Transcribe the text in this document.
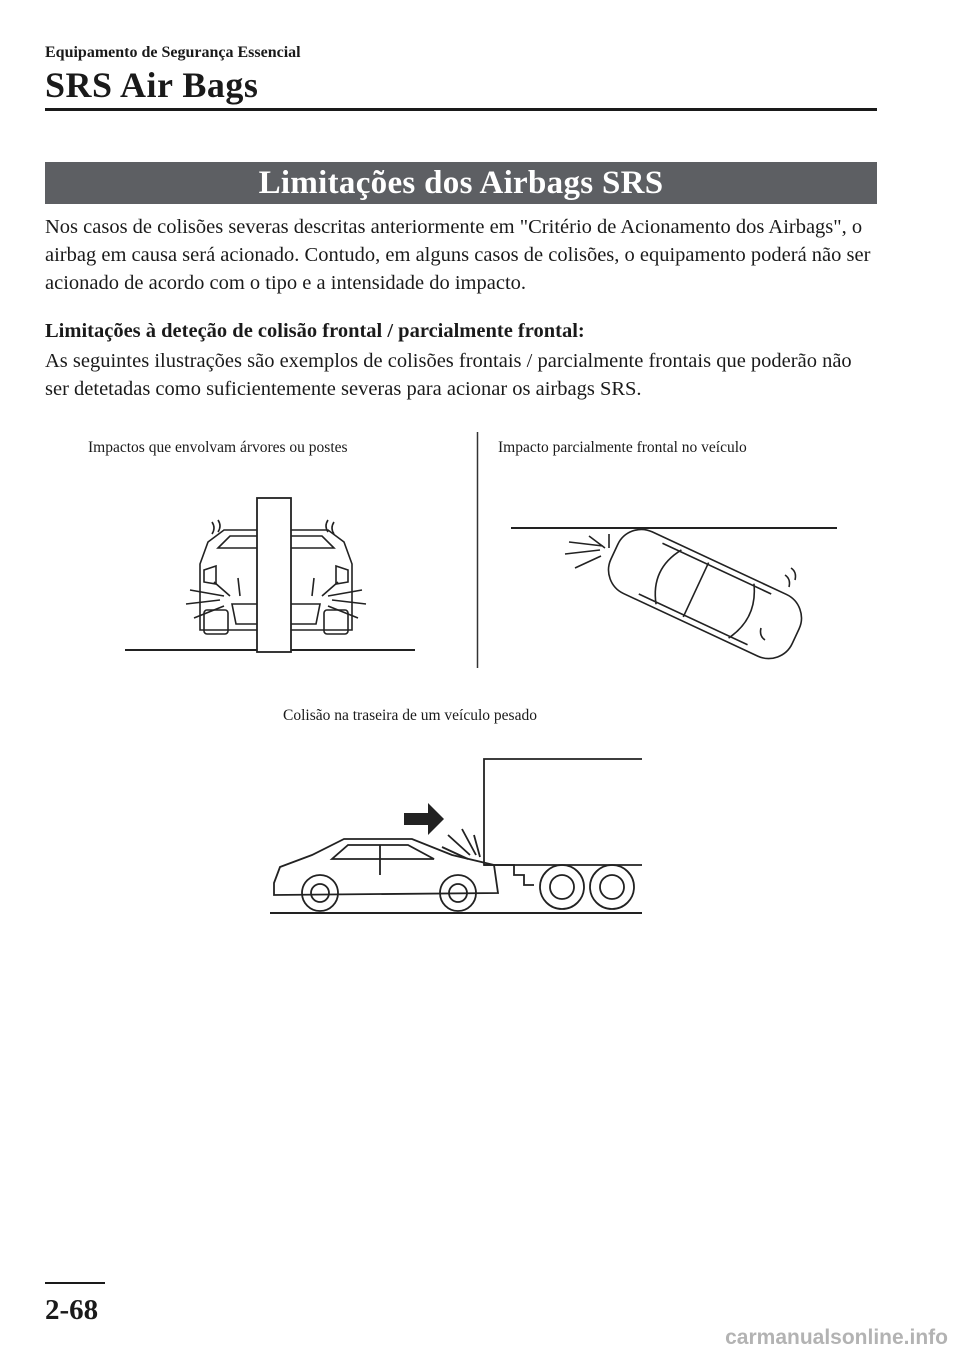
Equipamento de Segurança Essencial
SRS Air Bags
Limitações dos Airbags SRS

Nos casos de colisões severas descritas anteriormente em "Critério de Acionamento dos Airbags", o airbag em causa será acionado. Contudo, em alguns casos de colisões, o equipamento poderá não ser acionado de acordo com o tipo e a intensidade do impacto.

Limitações à deteção de colisão frontal / parcialmente frontal:

As seguintes ilustrações são exemplos de colisões frontais / parcialmente frontais que poderão não ser detetadas como suficientemente severas para acionar os airbags SRS.

Impactos que envolvam árvores ou postes	Impacto parcialmente frontal no veículo
Colisão na traseira de um veículo pesado
2-68
carmanualsonline.info
